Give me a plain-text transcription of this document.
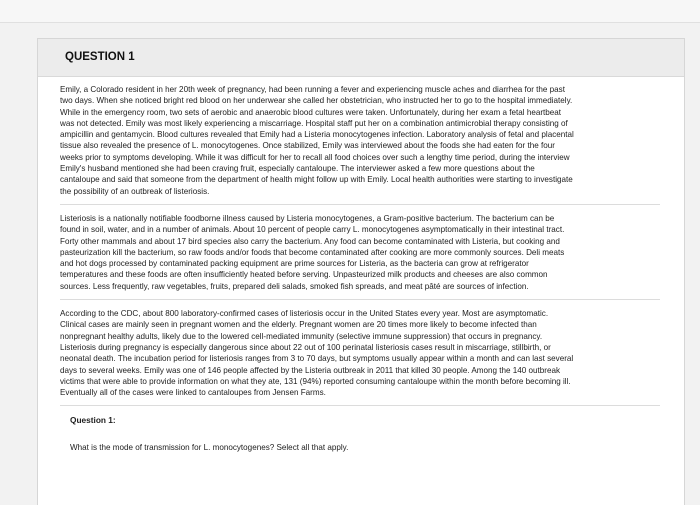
QUESTION 1

Emily, a Colorado resident in her 20th week of pregnancy, had been running a fever and experiencing muscle aches and diarrhea for the past
two days. When she noticed bright red blood on her underwear she called her obstetrician, who instructed her to go to the hospital immediately.
While in the emergency room, two sets of aerobic and anaerobic blood cultures were taken. Unfortunately, during her exam a fetal heartbeat
was not detected. Emily was most likely experiencing a miscarriage. Hospital staff put her on a combination antimicrobial therapy consisting of
ampicillin and gentamycin. Blood cultures revealed that Emily had a Listeria monocytogenes infection. Laboratory analysis of fetal and placental
tissue also revealed the presence of L. monocytogenes. Once stabilized, Emily was interviewed about the foods she had eaten for the four
weeks prior to symptoms developing. While it was difficult for her to recall all food choices over such a lengthy time period, during the interview
Emily's husband mentioned she had been craving fruit, especially cantaloupe. The interviewer asked a few more questions about the
cantaloupe and said that someone from the department of health might follow up with Emily. Local health authorities were starting to investigate
the possibility of an outbreak of listeriosis.

Listeriosis is a nationally notifiable foodborne illness caused by Listeria monocytogenes, a Gram-positive bacterium. The bacterium can be
found in soil, water, and in a number of animals. About 10 percent of people carry L. monocytogenes asymptomatically in their intestinal tract.
Forty other mammals and about 17 bird species also carry the bacterium. Any food can become contaminated with Listeria, but cooking and
pasteurization kill the bacterium, so raw foods and/or foods that become contaminated after cooking are more commonly sources. Deli meats
and hot dogs processed by contaminated packing equipment are prime sources for Listeria, as the bacteria can grow at refrigerator
temperatures and these foods are often insufficiently heated before serving. Unpasteurized milk products and cheeses are also common
sources. Less frequently, raw vegetables, fruits, prepared deli salads, smoked fish spreads, and meat pâté are sources of infection.

According to the CDC, about 800 laboratory-confirmed cases of listeriosis occur in the United States every year. Most are asymptomatic.
Clinical cases are mainly seen in pregnant women and the elderly. Pregnant women are 20 times more likely to become infected than
nonpregnant healthy adults, likely due to the lowered cell-mediated immunity (selective immune suppression) that occurs in pregnancy.
Listeriosis during pregnancy is especially dangerous since about 22 out of 100 perinatal listeriosis cases result in miscarriage, stillbirth, or
neonatal death. The incubation period for listeriosis ranges from 3 to 70 days, but symptoms usually appear within a month and can last several
days to several weeks. Emily was one of 146 people affected by the Listeria outbreak in 2011 that killed 30 people. Among the 140 outbreak
victims that were able to provide information on what they ate, 131 (94%) reported consuming cantaloupe within the month before becoming ill.
Eventually all of the cases were linked to cantaloupes from Jensen Farms.

Question 1:

What is the mode of transmission for L. monocytogenes? Select all that apply.
